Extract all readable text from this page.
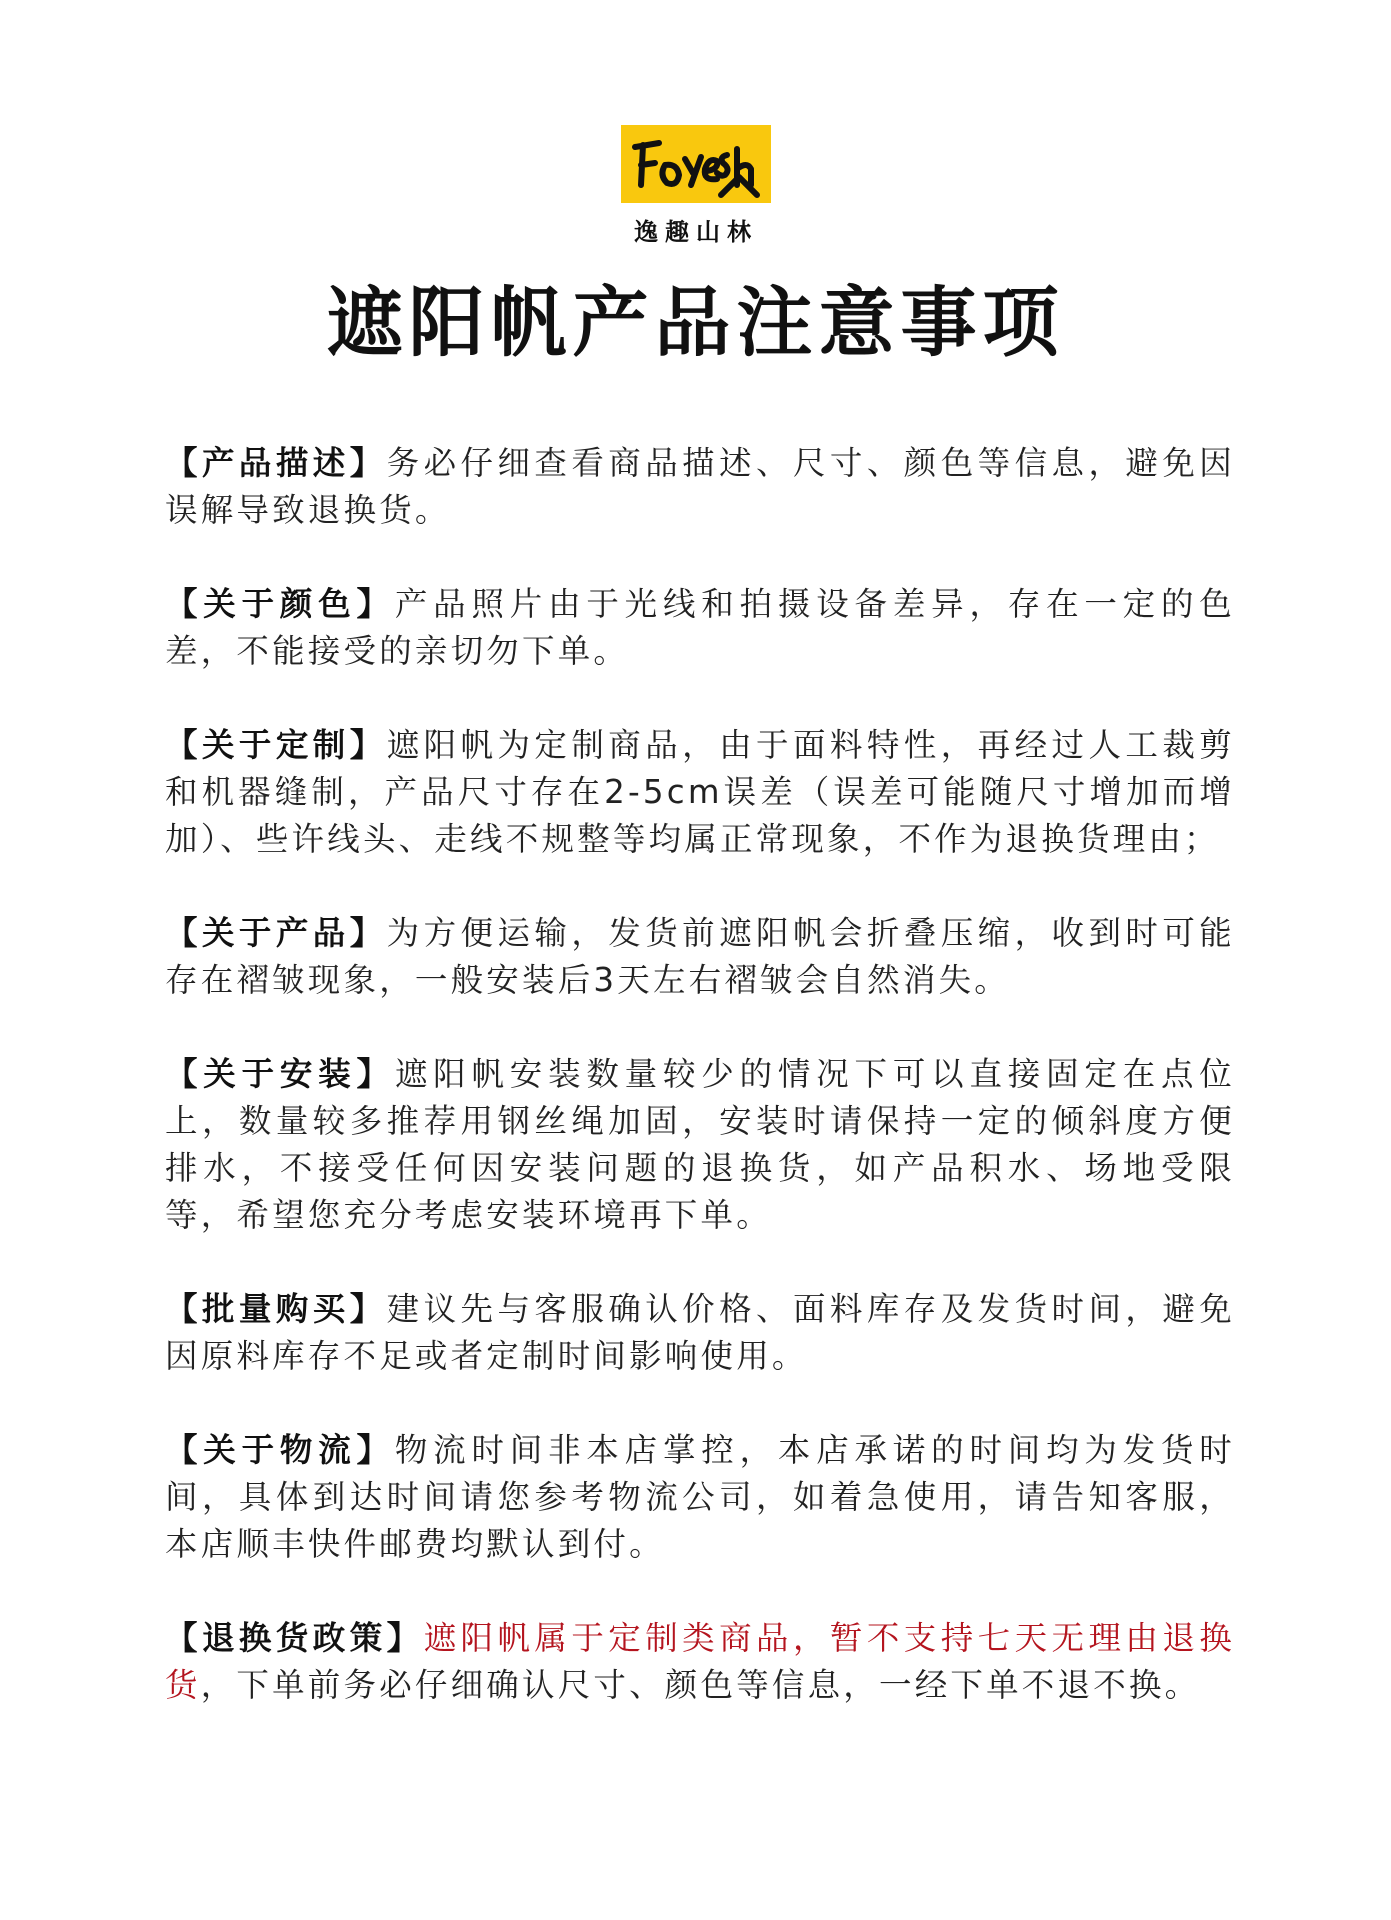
逸趣山林
遮阳帆产品注意事项

【产品描述】务必仔细查看商品描述、尺寸、颜色等信息，避免因误解导致退换货。

【关于颜色】产品照片由于光线和拍摄设备差异，存在一定的色差，不能接受的亲切勿下单。

【关于定制】遮阳帆为定制商品，由于面料特性，再经过人工裁剪和机器缝制，产品尺寸存在2-5cm误差（误差可能随尺寸增加而增加）、些许线头、走线不规整等均属正常现象，不作为退换货理由；

【关于产品】为方便运输，发货前遮阳帆会折叠压缩，收到时可能存在褶皱现象，一般安装后3天左右褶皱会自然消失。

【关于安装】遮阳帆安装数量较少的情况下可以直接固定在点位上，数量较多推荐用钢丝绳加固，安装时请保持一定的倾斜度方便排水，不接受任何因安装问题的退换货，如产品积水、场地受限等，希望您充分考虑安装环境再下单。

【批量购买】建议先与客服确认价格、面料库存及发货时间，避免因原料库存不足或者定制时间影响使用。

【关于物流】物流时间非本店掌控，本店承诺的时间均为发货时间，具体到达时间请您参考物流公司，如着急使用，请告知客服，本店顺丰快件邮费均默认到付。

【退换货政策】遮阳帆属于定制类商品，暂不支持七天无理由退换货，下单前务必仔细确认尺寸、颜色等信息，一经下单不退不换。
